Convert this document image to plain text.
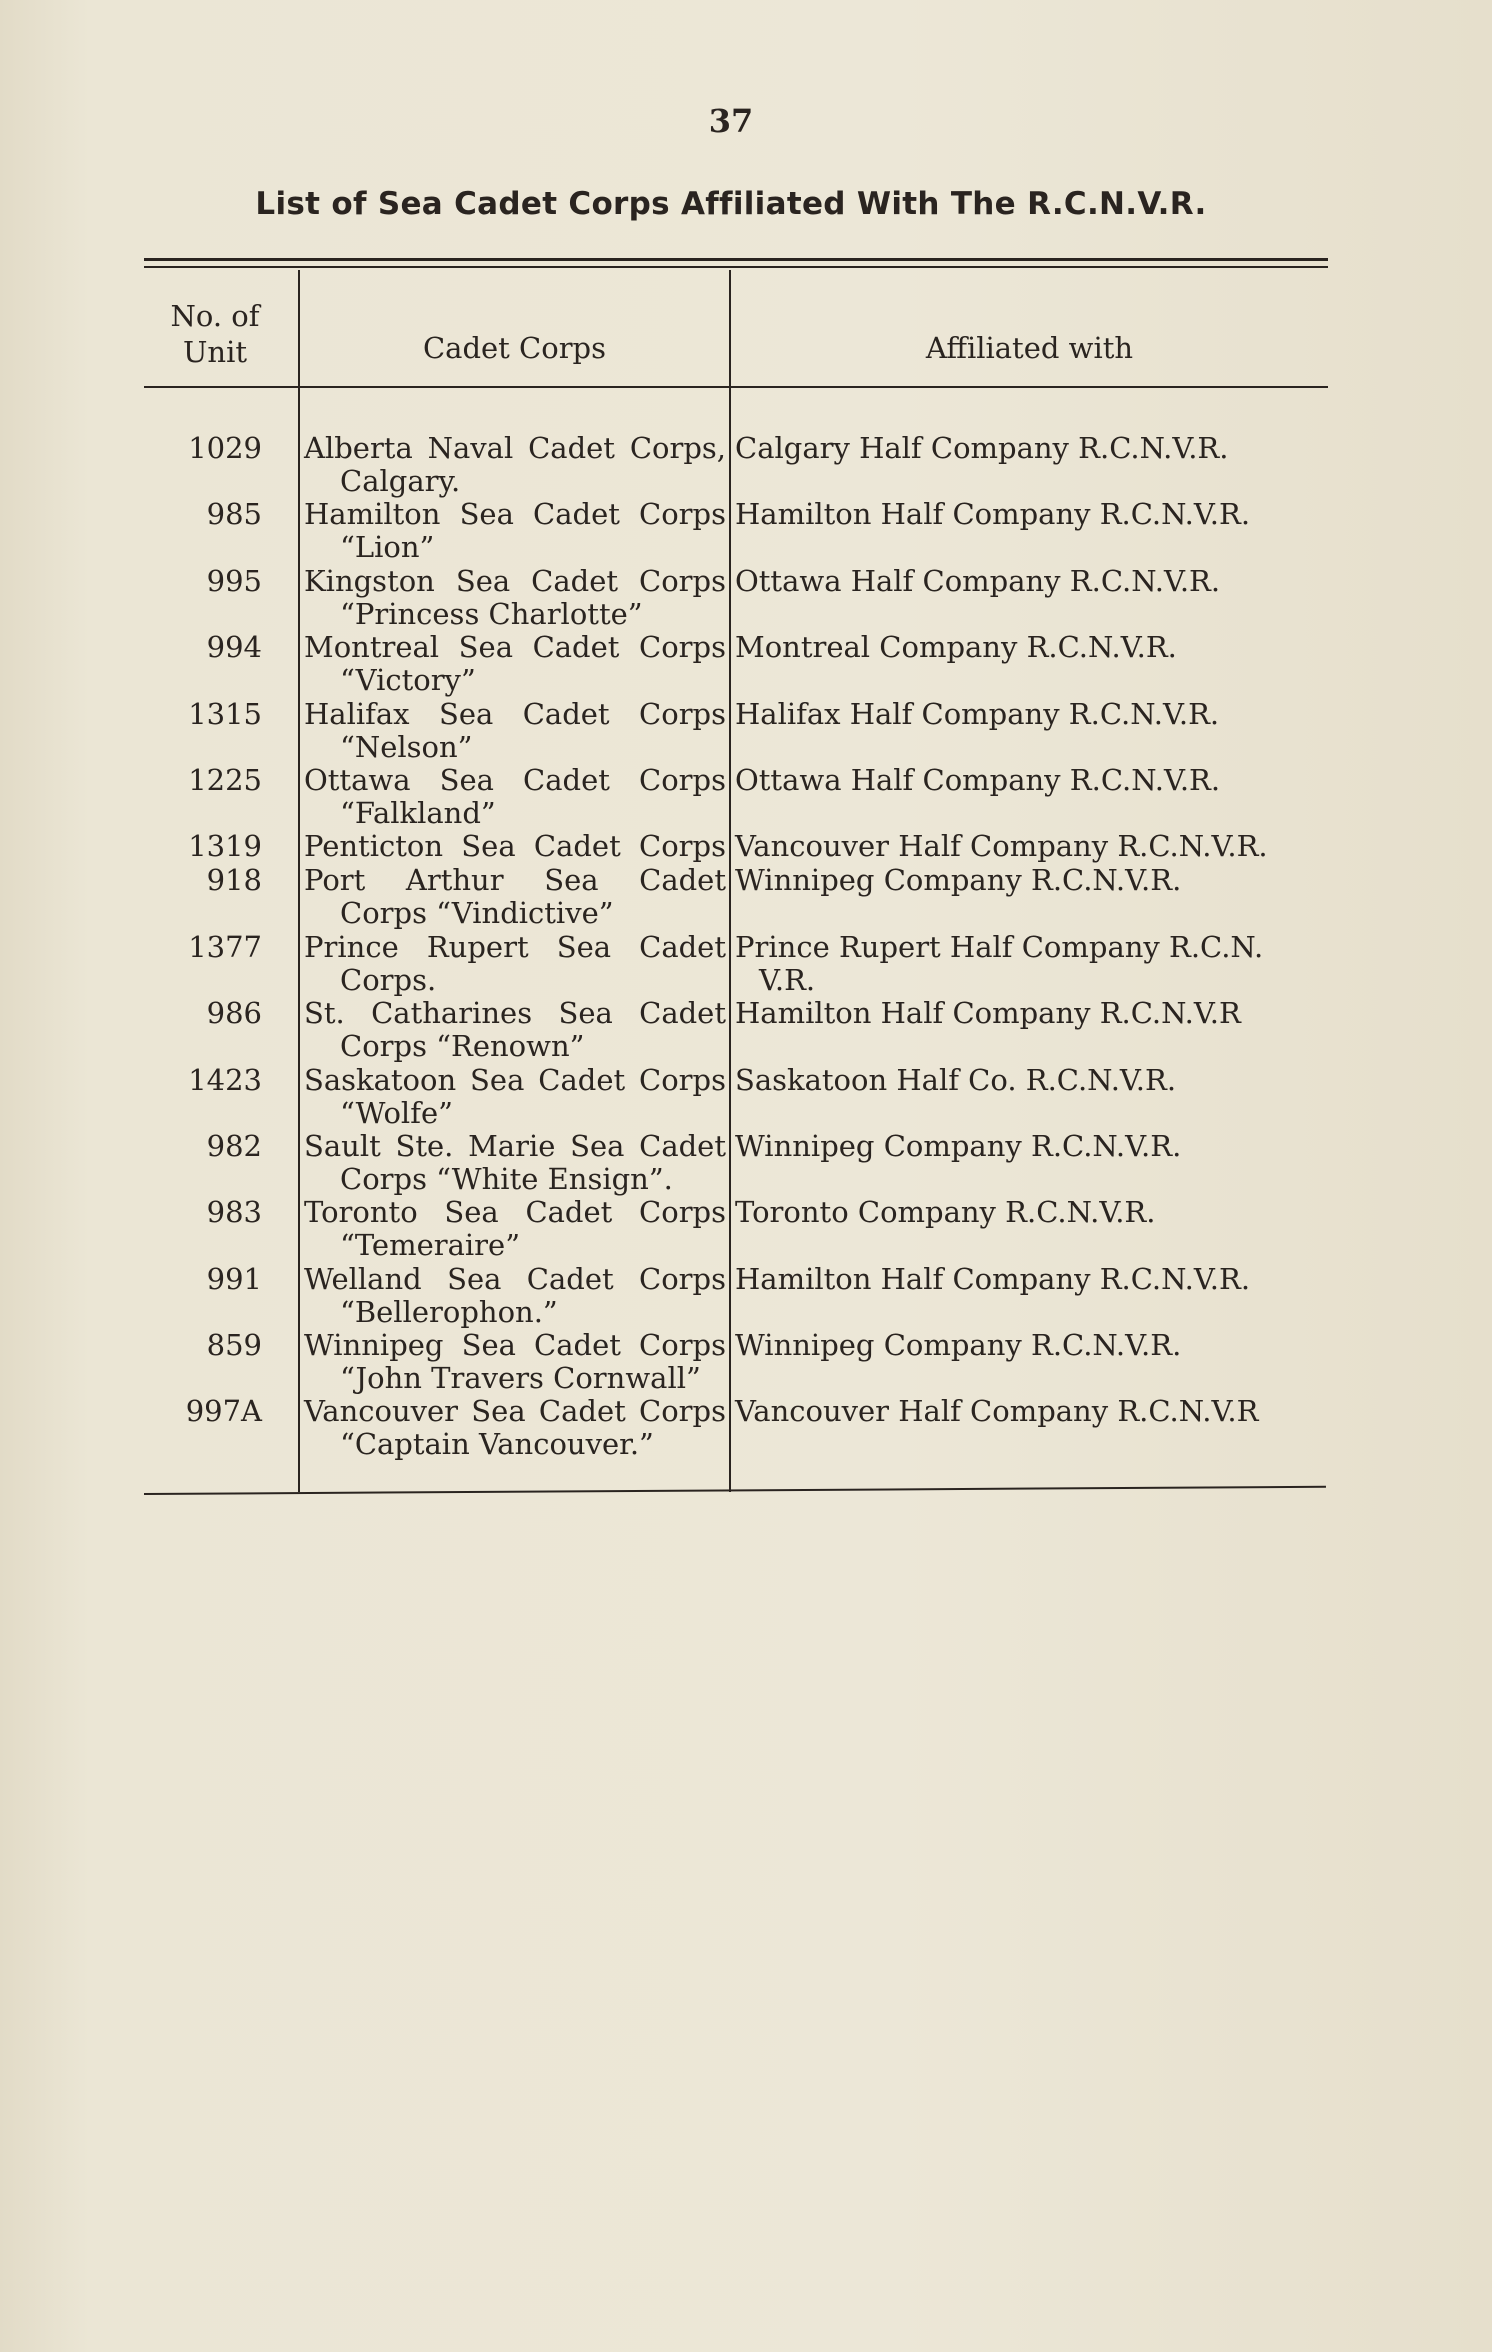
37
List of Sea Cadet Corps Affiliated With The R.C.N.V.R.
No. of
Unit	Cadet Corps	Affiliated with
1029 Alberta Naval Cadet Corps,
Calgary.
Calgary Half Company R.C.N.V.R.
985 Hamilton Sea Cadet Corps
“Lion”
Hamilton Half Company R.C.N.V.R.
995 Kingston Sea Cadet Corps
“Princess Charlotte”
Ottawa Half Company R.C.N.V.R.
994 Montreal Sea Cadet Corps
“Victory”
Montreal Company R.C.N.V.R.
1315 Halifax Sea Cadet Corps
“Nelson”
Halifax Half Company R.C.N.V.R.
1225 Ottawa Sea Cadet Corps
“Falkland”
Ottawa Half Company R.C.N.V.R.
1319 Penticton Sea Cadet Corps Vancouver Half Company R.C.N.V.R.
918 Port Arthur Sea Cadet
Corps “Vindictive”
Winnipeg Company R.C.N.V.R.
1377 Prince Rupert Sea Cadet
Corps.
Prince Rupert Half Company R.C.N.
V.R.
986 St. Catharines Sea Cadet
Corps “Renown”
Hamilton Half Company R.C.N.V.R
1423 Saskatoon Sea Cadet Corps
“Wolfe”
Saskatoon Half Co. R.C.N.V.R.
982 Sault Ste. Marie Sea Cadet
Corps “White Ensign”.
Winnipeg Company R.C.N.V.R.
983 Toronto Sea Cadet Corps
“Temeraire”
Toronto Company R.C.N.V.R.
991 Welland Sea Cadet Corps
“Bellerophon.”
Hamilton Half Company R.C.N.V.R.
859 Winnipeg Sea Cadet Corps
“John Travers Cornwall”
Winnipeg Company R.C.N.V.R.
997A Vancouver Sea Cadet Corps
“Captain Vancouver.”
Vancouver Half Company R.C.N.V.R
